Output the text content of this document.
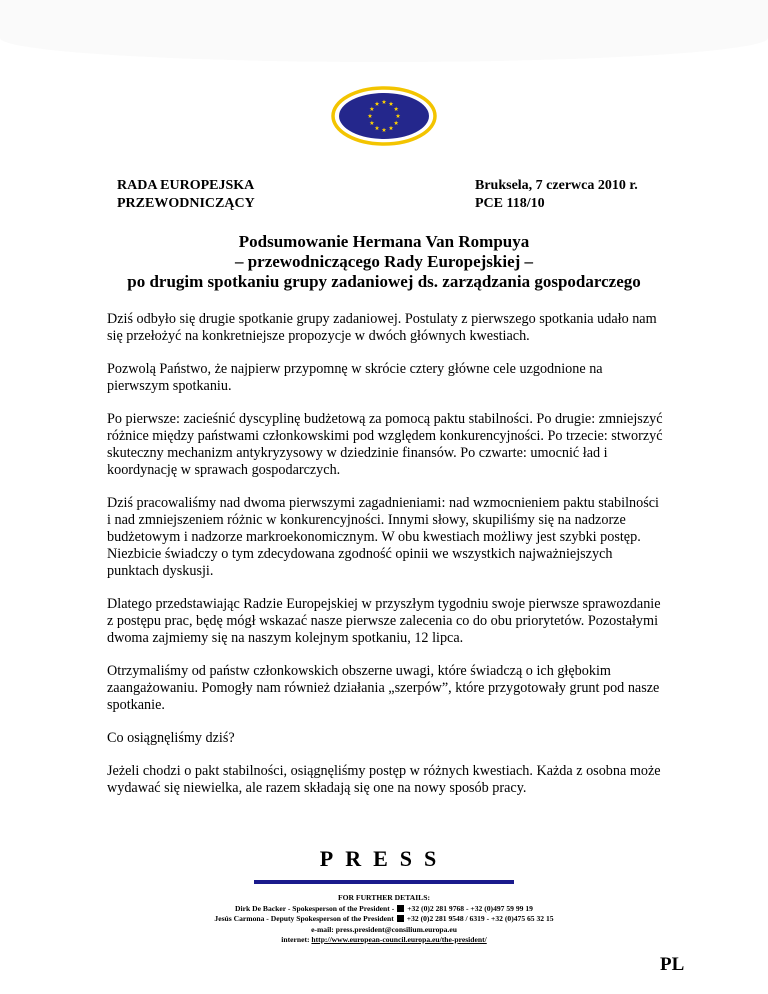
RADA EUROPEJSKA
PRZEWODNICZĄCY
Bruksela, 7 czerwca 2010 r.
PCE 118/10
Podsumowanie Hermana Van Rompuya
– przewodniczącego Rady Europejskiej –
po drugim spotkaniu grupy zadaniowej ds. zarządzania gospodarczego

Dziś odbyło się drugie spotkanie grupy zadaniowej. Postulaty z pierwszego spotkania udało nam się przełożyć na konkretniejsze propozycje w dwóch głównych kwestiach.

Pozwolą Państwo, że najpierw przypomnę w skrócie cztery główne cele uzgodnione na pierwszym spotkaniu.

Po pierwsze: zacieśnić dyscyplinę budżetową za pomocą paktu stabilności. Po drugie: zmniejszyć różnice między państwami członkowskimi pod względem konkurencyjności. Po trzecie: stworzyć skuteczny mechanizm antykryzysowy w dziedzinie finansów. Po czwarte: umocnić ład i koordynację w sprawach gospodarczych.

Dziś pracowaliśmy nad dwoma pierwszymi zagadnieniami: nad wzmocnieniem paktu stabilności i nad zmniejszeniem różnic w konkurencyjności. Innymi słowy, skupiliśmy się na nadzorze budżetowym i nadzorze markroekonomicznym. W obu kwestiach możliwy jest szybki postęp. Niezbicie świadczy o tym zdecydowana zgodność opinii we wszystkich najważniejszych punktach dyskusji.

Dlatego przedstawiając Radzie Europejskiej w przyszłym tygodniu swoje pierwsze sprawozdanie z postępu prac, będę mógł wskazać nasze pierwsze zalecenia co do obu priorytetów. Pozostałymi dwoma zajmiemy się na naszym kolejnym spotkaniu, 12 lipca.

Otrzymaliśmy od państw członkowskich obszerne uwagi, które świadczą o ich głębokim zaangażowaniu. Pomogły nam również działania „szerpów”, które przygotowały grunt pod nasze spotkanie.

Co osiągnęliśmy dziś?

Jeżeli chodzi o pakt stabilności, osiągnęliśmy postęp w różnych kwestiach. Każda z osobna może wydawać się niewielka, ale razem składają się one na nowy sposób pracy.

PRESS
FOR FURTHER DETAILS:
Dirk De Backer - Spokesperson of the President - +32 (0)2 281 9768 - +32 (0)497 59 99 19
Jesús Carmona - Deputy Spokesperson of the President +32 (0)2 281 9548 / 6319 - +32 (0)475 65 32 15
e-mail: press.president@consilium.europa.eu
internet: http://www.european-council.europa.eu/the-president/
PL
